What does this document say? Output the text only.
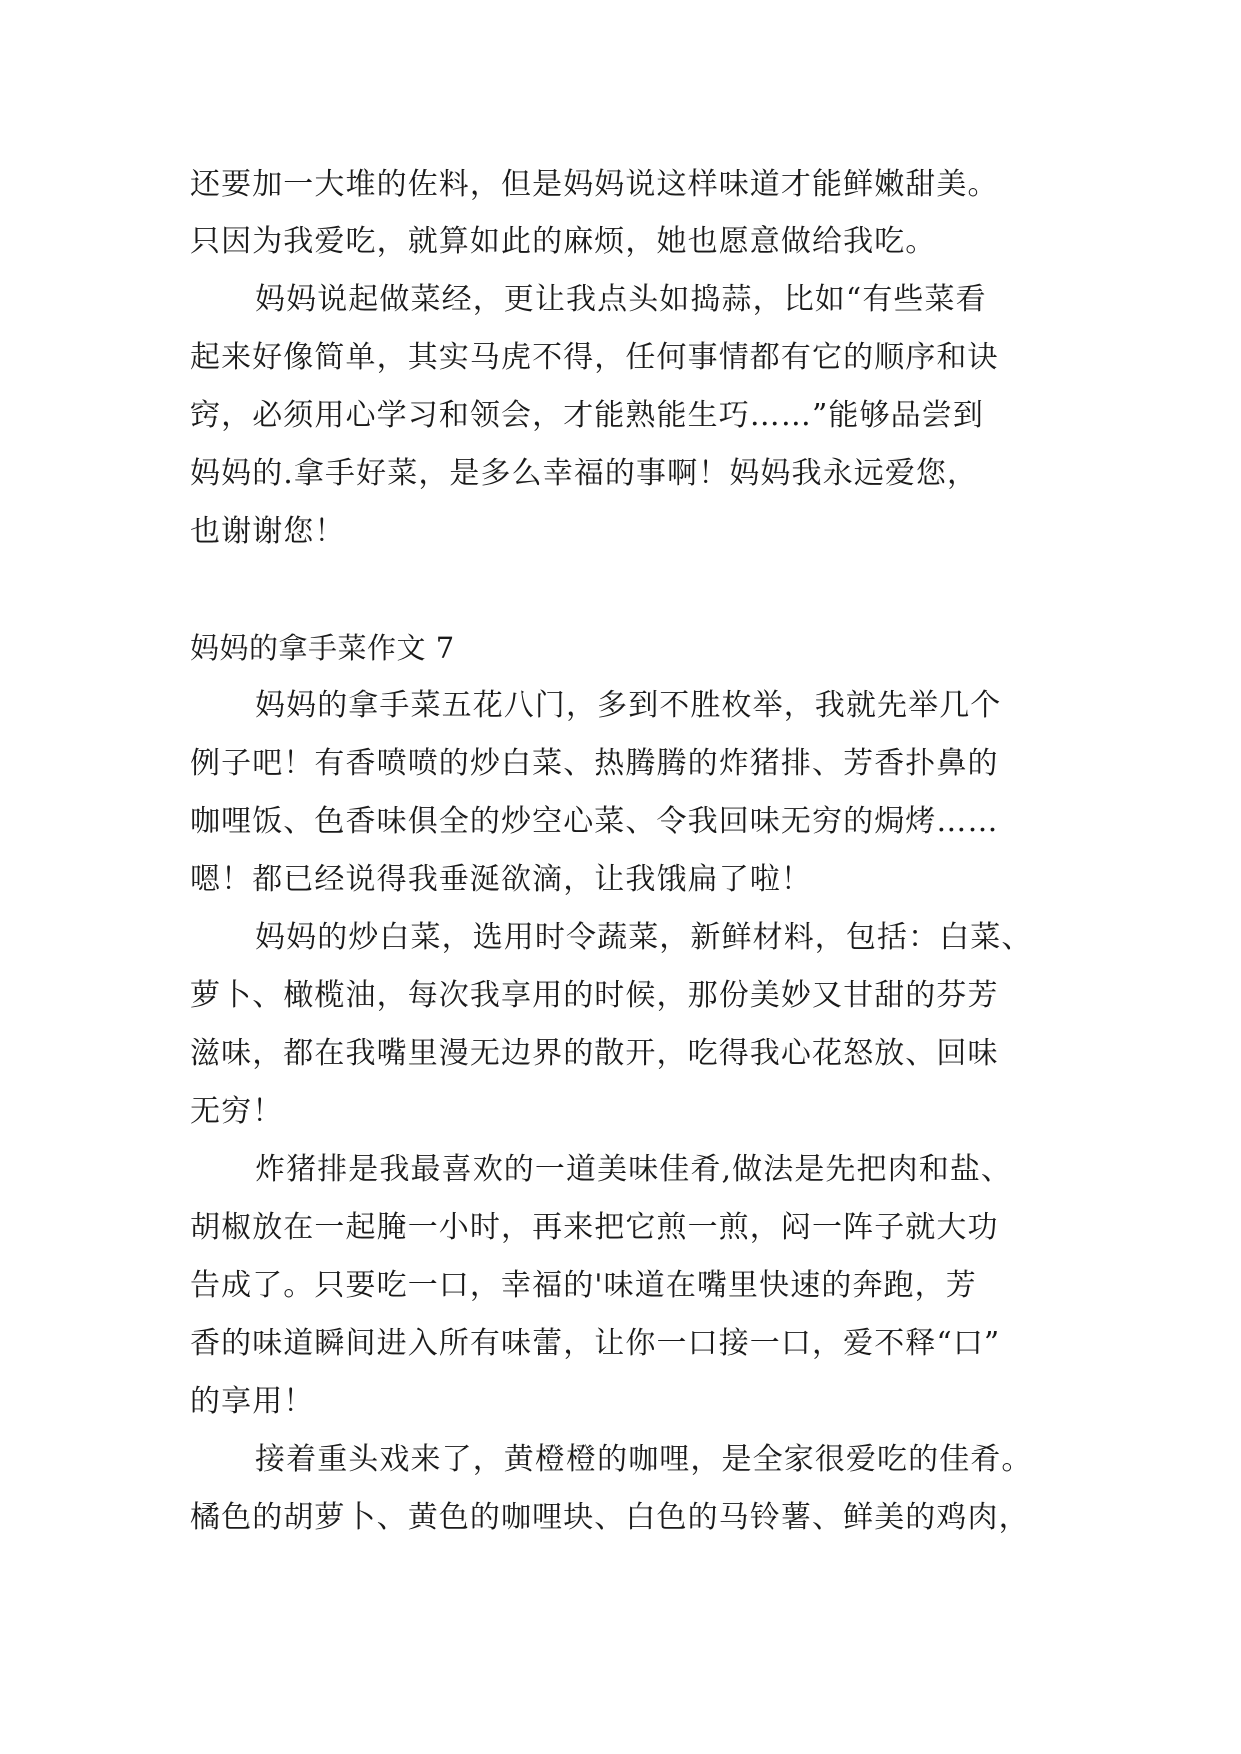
还要加一大堆的佐料，但是妈妈说这样味道才能鲜嫩甜美。
只因为我爱吃，就算如此的麻烦，她也愿意做给我吃。
妈妈说起做菜经，更让我点头如捣蒜，比如“有些菜看
起来好像简单，其实马虎不得，任何事情都有它的顺序和诀
窍，必须用心学习和领会，才能熟能生巧……”能够品尝到
妈妈的.拿手好菜，是多么幸福的事啊！妈妈我永远爱您，
也谢谢您！
妈妈的拿手菜作文 7
妈妈的拿手菜五花八门，多到不胜枚举，我就先举几个
例子吧！有香喷喷的炒白菜、热腾腾的炸猪排、芳香扑鼻的
咖哩饭、色香味俱全的炒空心菜、令我回味无穷的焗烤……
嗯！都已经说得我垂涎欲滴，让我饿扁了啦！
妈妈的炒白菜，选用时令蔬菜，新鲜材料，包括：白菜、
萝卜、橄榄油，每次我享用的时候，那份美妙又甘甜的芬芳
滋味，都在我嘴里漫无边界的散开，吃得我心花怒放、回味
无穷！
炸猪排是我最喜欢的一道美味佳肴,做法是先把肉和盐、
胡椒放在一起腌一小时，再来把它煎一煎，闷一阵子就大功
告成了。只要吃一口，幸福的'味道在嘴里快速的奔跑，芳
香的味道瞬间进入所有味蕾，让你一口接一口，爱不释“口”
的享用！
接着重头戏来了，黄橙橙的咖哩，是全家很爱吃的佳肴。
橘色的胡萝卜、黄色的咖哩块、白色的马铃薯、鲜美的鸡肉，
